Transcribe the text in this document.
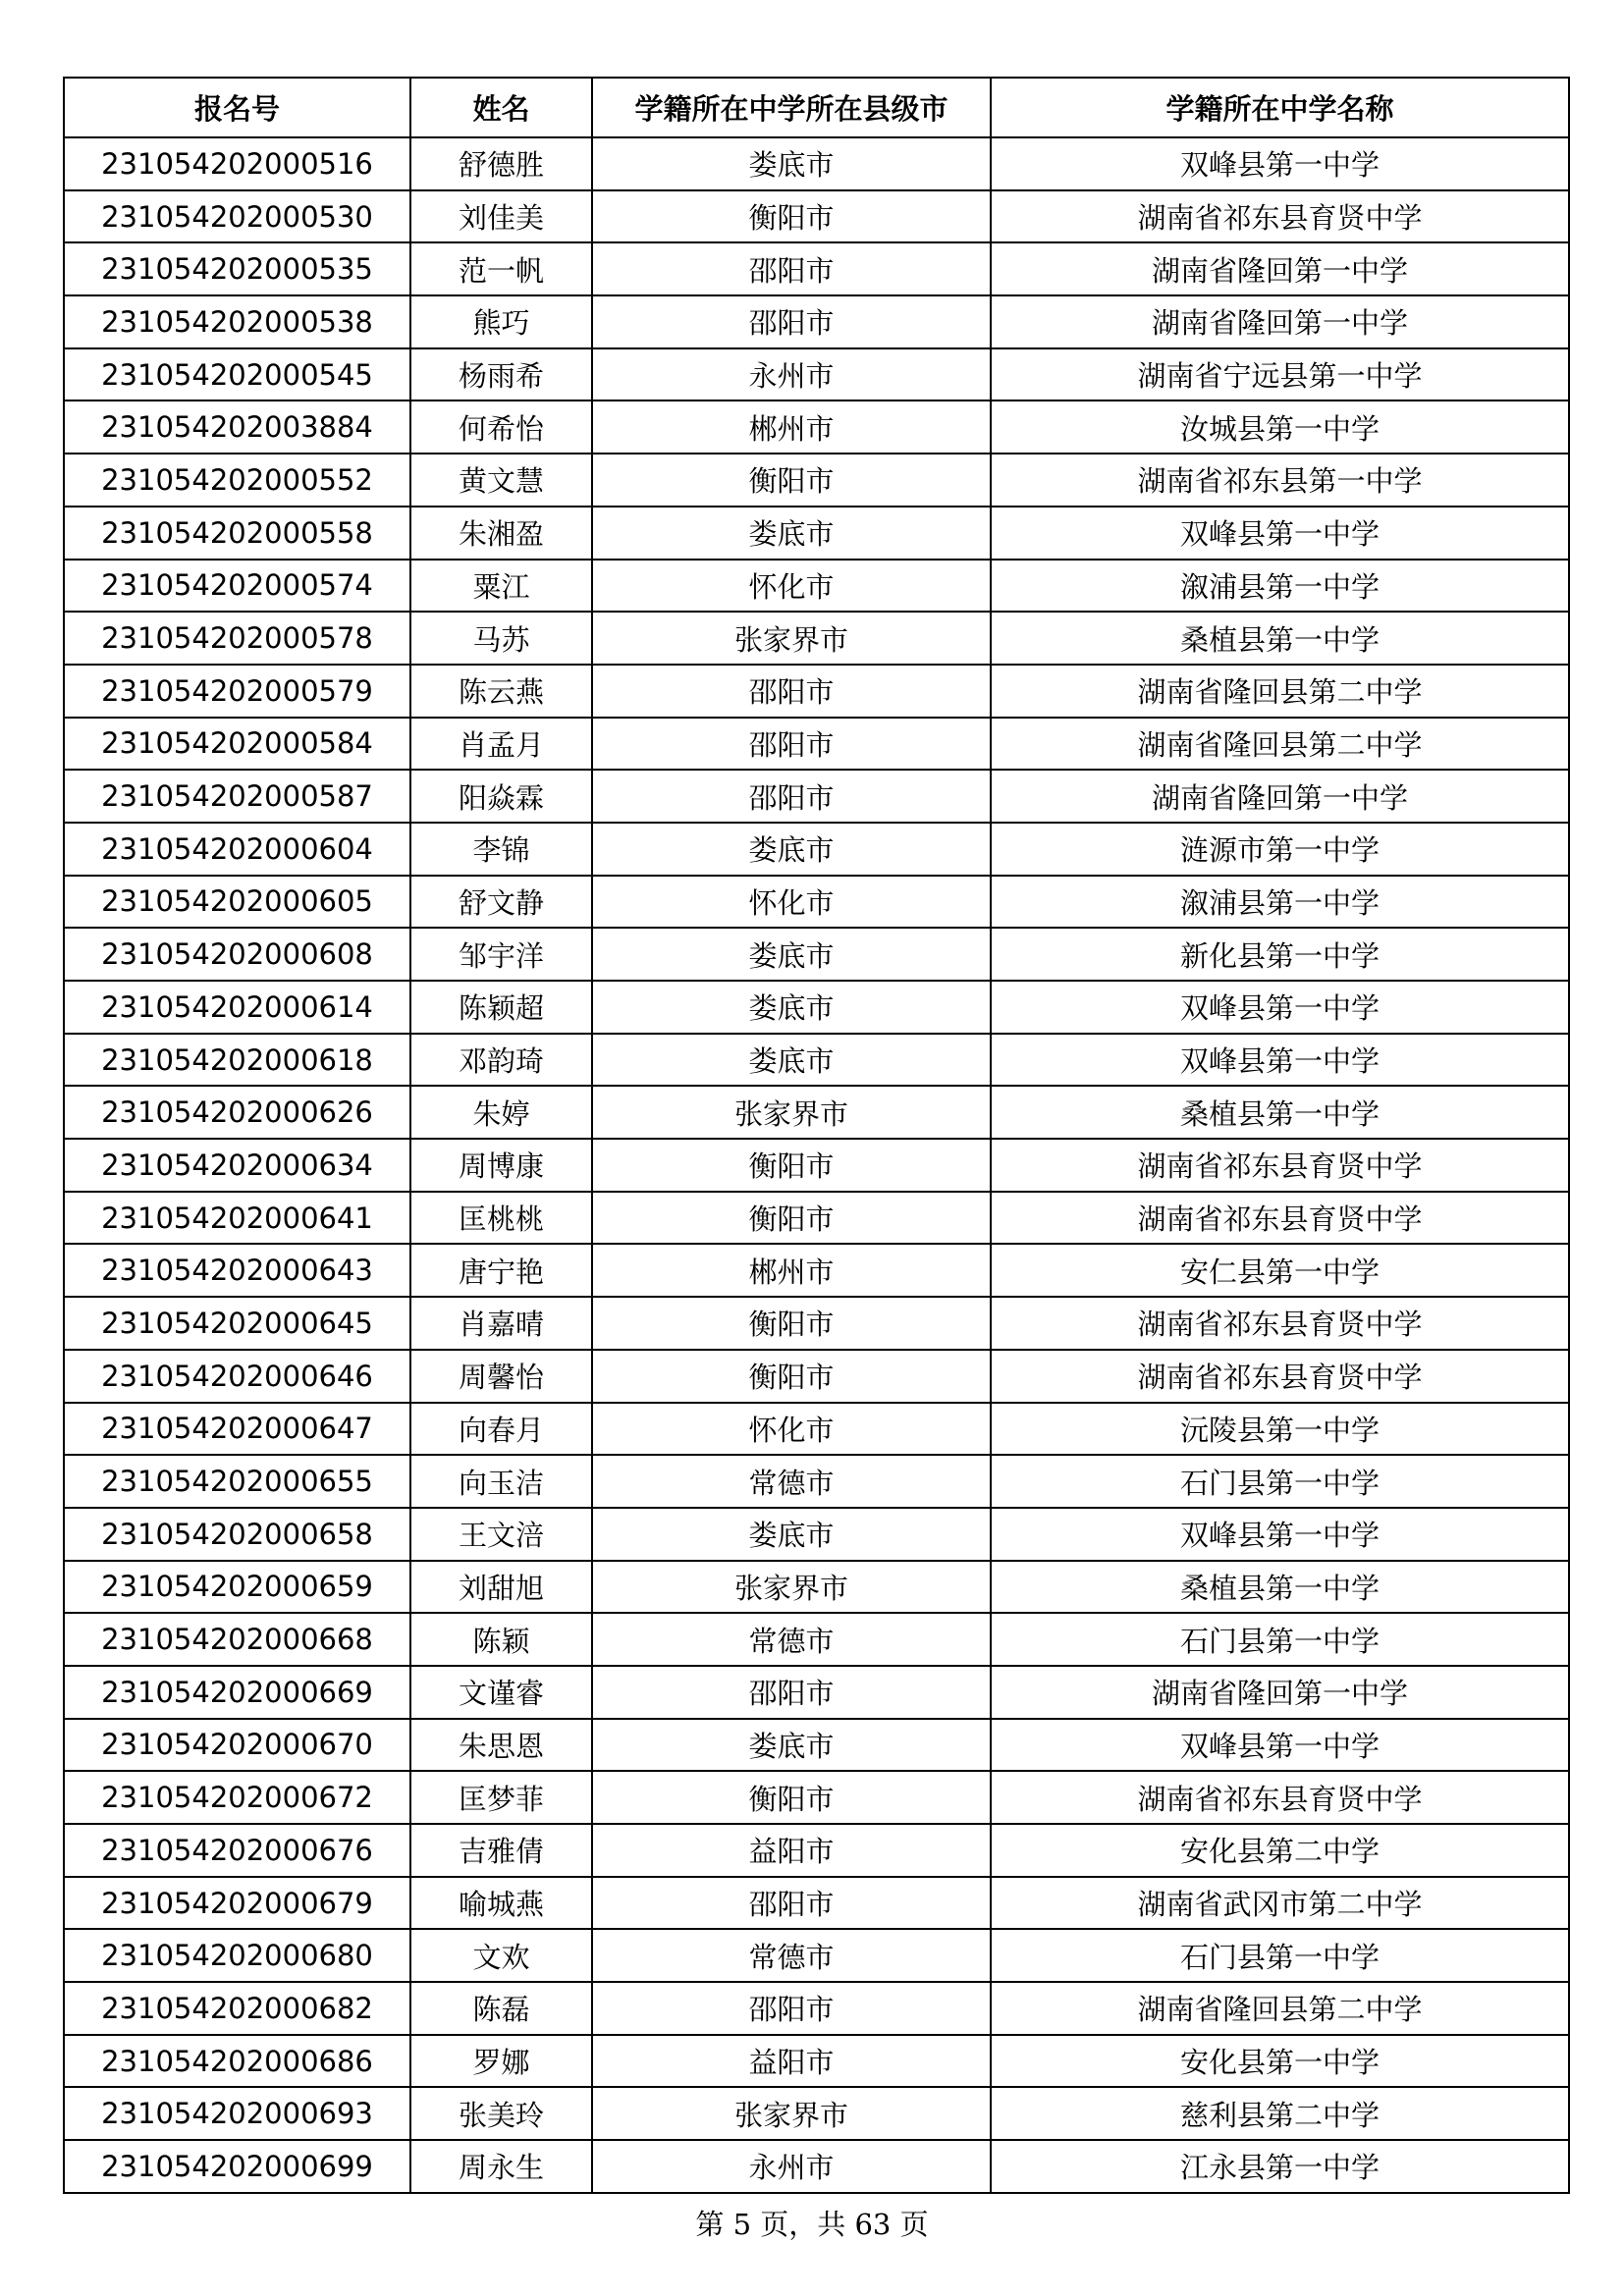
报名号	姓名	学籍所在中学所在县级市	学籍所在中学名称
231054202000516	舒德胜	娄底市	双峰县第一中学
231054202000530	刘佳美	衡阳市	湖南省祁东县育贤中学
231054202000535	范一帆	邵阳市	湖南省隆回第一中学
231054202000538	熊巧	邵阳市	湖南省隆回第一中学
231054202000545	杨雨希	永州市	湖南省宁远县第一中学
231054202003884	何希怡	郴州市	汝城县第一中学
231054202000552	黄文慧	衡阳市	湖南省祁东县第一中学
231054202000558	朱湘盈	娄底市	双峰县第一中学
231054202000574	粟江	怀化市	溆浦县第一中学
231054202000578	马苏	张家界市	桑植县第一中学
231054202000579	陈云燕	邵阳市	湖南省隆回县第二中学
231054202000584	肖孟月	邵阳市	湖南省隆回县第二中学
231054202000587	阳焱霖	邵阳市	湖南省隆回第一中学
231054202000604	李锦	娄底市	涟源市第一中学
231054202000605	舒文静	怀化市	溆浦县第一中学
231054202000608	邹宇洋	娄底市	新化县第一中学
231054202000614	陈颖超	娄底市	双峰县第一中学
231054202000618	邓韵琦	娄底市	双峰县第一中学
231054202000626	朱婷	张家界市	桑植县第一中学
231054202000634	周博康	衡阳市	湖南省祁东县育贤中学
231054202000641	匡桃桃	衡阳市	湖南省祁东县育贤中学
231054202000643	唐宁艳	郴州市	安仁县第一中学
231054202000645	肖嘉晴	衡阳市	湖南省祁东县育贤中学
231054202000646	周馨怡	衡阳市	湖南省祁东县育贤中学
231054202000647	向春月	怀化市	沅陵县第一中学
231054202000655	向玉洁	常德市	石门县第一中学
231054202000658	王文涪	娄底市	双峰县第一中学
231054202000659	刘甜旭	张家界市	桑植县第一中学
231054202000668	陈颖	常德市	石门县第一中学
231054202000669	文谨睿	邵阳市	湖南省隆回第一中学
231054202000670	朱思恩	娄底市	双峰县第一中学
231054202000672	匡梦菲	衡阳市	湖南省祁东县育贤中学
231054202000676	吉雅倩	益阳市	安化县第二中学
231054202000679	喻城燕	邵阳市	湖南省武冈市第二中学
231054202000680	文欢	常德市	石门县第一中学
231054202000682	陈磊	邵阳市	湖南省隆回县第二中学
231054202000686	罗娜	益阳市	安化县第一中学
231054202000693	张美玲	张家界市	慈利县第二中学
231054202000699	周永生	永州市	江永县第一中学
第 5 页，共 63 页
